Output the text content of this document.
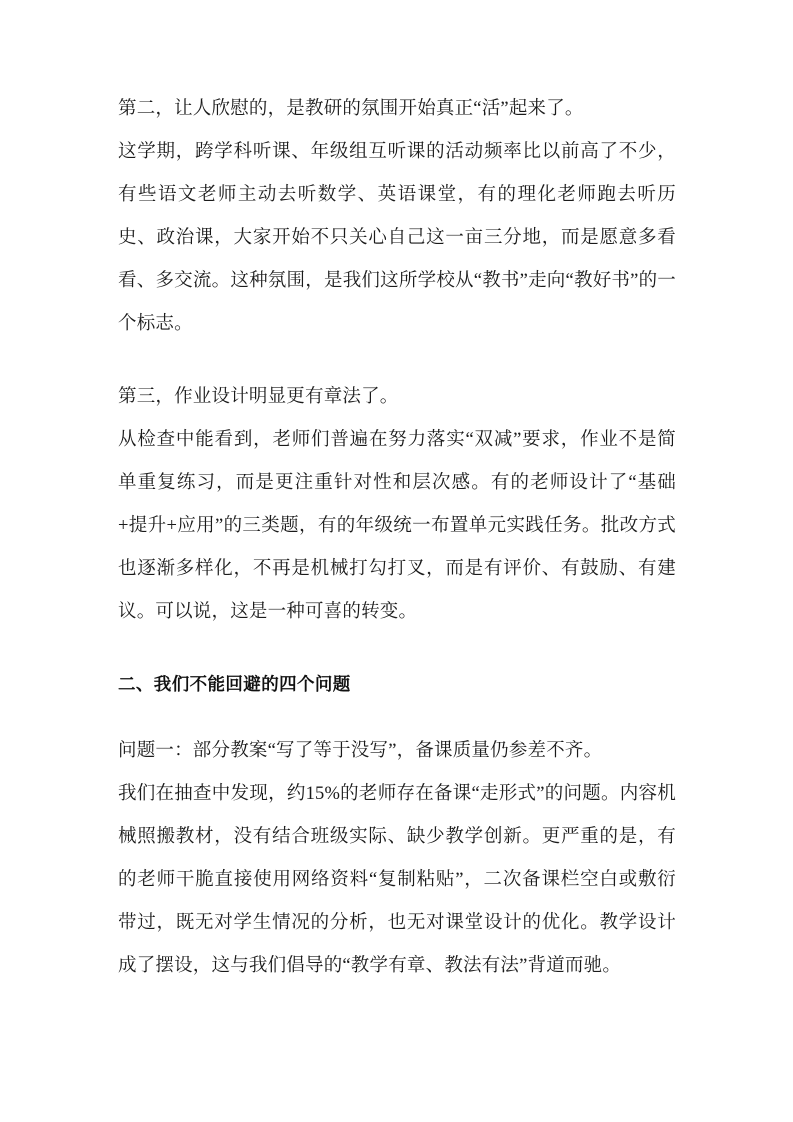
第二，让人欣慰的，是教研的氛围开始真正“活”起来了。

这学期，跨学科听课、年级组互听课的活动频率比以前高了不少，有些语文老师主动去听数学、英语课堂，有的理化老师跑去听历史、政治课，大家开始不只关心自己这一亩三分地，而是愿意多看看、多交流。这种氛围，是我们这所学校从“教书”走向“教好书”的一个标志。

第三，作业设计明显更有章法了。

从检查中能看到，老师们普遍在努力落实“双减”要求，作业不是简单重复练习，而是更注重针对性和层次感。有的老师设计了“基础+提升+应用”的三类题，有的年级统一布置单元实践任务。批改方式也逐渐多样化，不再是机械打勾打叉，而是有评价、有鼓励、有建议。可以说，这是一种可喜的转变。

二、我们不能回避的四个问题

问题一：部分教案“写了等于没写”，备课质量仍参差不齐。

我们在抽查中发现，约15%的老师存在备课“走形式”的问题。内容机械照搬教材，没有结合班级实际、缺少教学创新。更严重的是，有的老师干脆直接使用网络资料“复制粘贴”，二次备课栏空白或敷衍带过，既无对学生情况的分析，也无对课堂设计的优化。教学设计成了摆设，这与我们倡导的“教学有章、教法有法”背道而驰。
